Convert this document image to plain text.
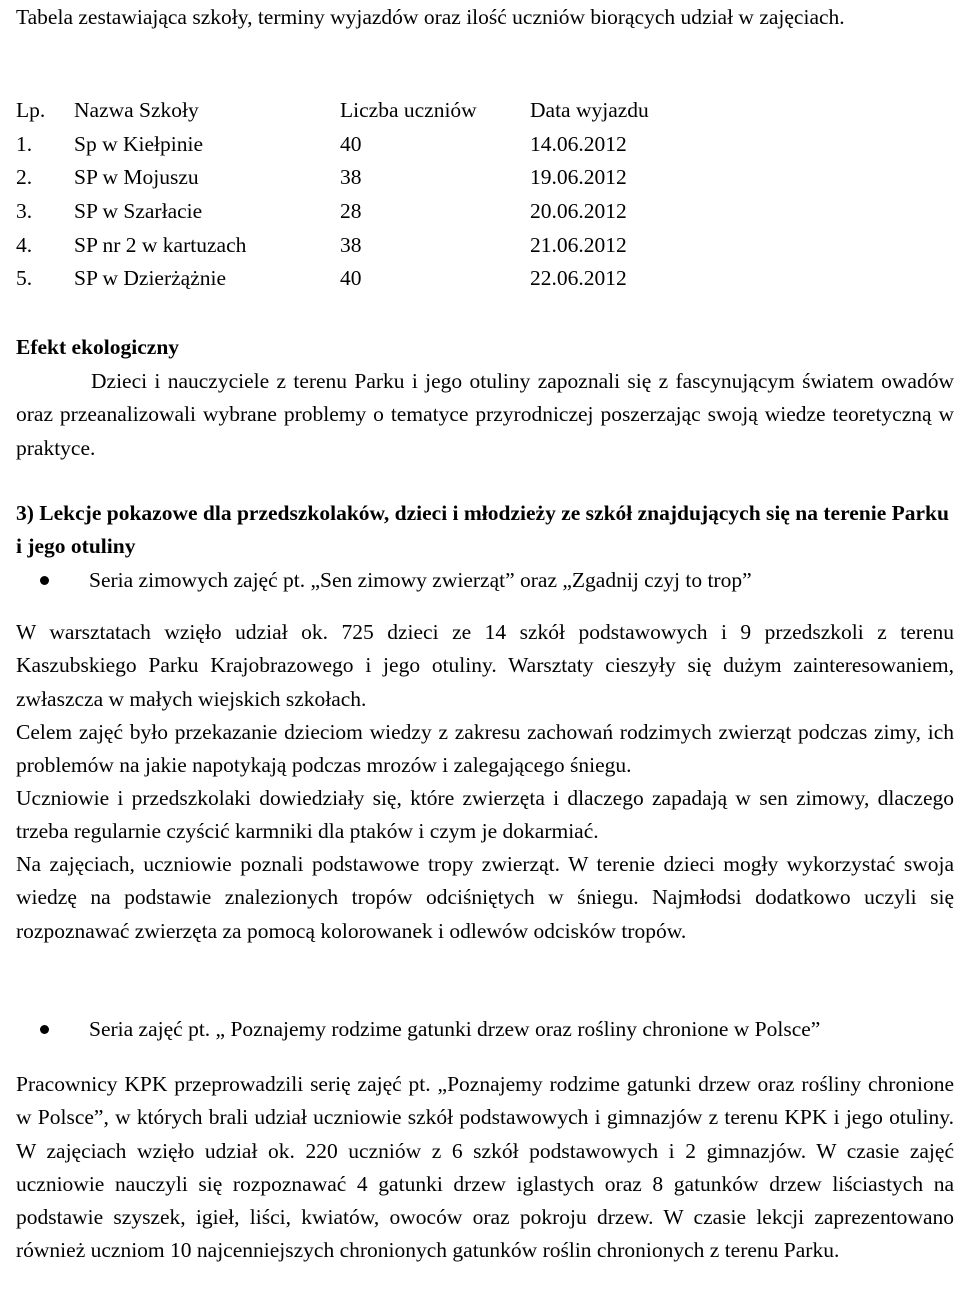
Tabela zestawiająca szkoły, terminy wyjazdów oraz ilość uczniów biorących udział w zajęciach.
Lp.	Nazwa Szkoły	Liczba uczniów	Data wyjazdu
1.	Sp w Kiełpinie	40	14.06.2012
2.	SP w Mojuszu	38	19.06.2012
3.	SP w Szarłacie	28	20.06.2012
4.	SP nr 2 w kartuzach	38	21.06.2012
5.	SP w Dzierżążnie	40	22.06.2012
Efekt ekologiczny
Dzieci i nauczyciele z terenu Parku i jego otuliny zapoznali się z fascynującym światem owadów oraz przeanalizowali wybrane problemy o tematyce przyrodniczej poszerzając swoją wiedze teoretyczną w praktyce.
3) Lekcje pokazowe dla przedszkolaków, dzieci i młodzieży ze szkół znajdujących się na terenie Parku i jego otuliny
Seria zimowych zajęć pt. „Sen zimowy zwierząt” oraz „Zgadnij czyj to trop”
W warsztatach wzięło udział ok. 725 dzieci ze 14 szkół podstawowych i 9 przedszkoli z terenu Kaszubskiego Parku Krajobrazowego i jego otuliny. Warsztaty cieszyły się dużym zainteresowaniem, zwłaszcza w małych wiejskich szkołach.
Celem zajęć było przekazanie dzieciom wiedzy z zakresu zachowań rodzimych zwierząt podczas zimy, ich problemów na jakie napotykają podczas mrozów i zalegającego śniegu.
Uczniowie i przedszkolaki dowiedziały się, które zwierzęta i dlaczego zapadają w sen zimowy, dlaczego trzeba regularnie czyścić karmniki dla ptaków i czym je dokarmiać.
Na zajęciach, uczniowie poznali podstawowe tropy zwierząt. W terenie dzieci mogły wykorzystać swoja wiedzę na podstawie znalezionych tropów odciśniętych w śniegu. Najmłodsi dodatkowo uczyli się rozpoznawać zwierzęta za pomocą kolorowanek i odlewów odcisków tropów.
Seria zajęć pt. „ Poznajemy rodzime gatunki drzew oraz rośliny chronione w Polsce”
Pracownicy KPK przeprowadzili serię zajęć pt. „Poznajemy rodzime gatunki drzew oraz rośliny chronione w Polsce”, w których brali udział uczniowie szkół podstawowych i gimnazjów z terenu KPK i jego otuliny. W zajęciach wzięło udział ok. 220 uczniów z 6 szkół podstawowych i 2 gimnazjów. W czasie zajęć uczniowie nauczyli się rozpoznawać 4 gatunki drzew iglastych oraz 8 gatunków drzew liściastych na podstawie szyszek, igieł, liści, kwiatów, owoców oraz pokroju drzew. W czasie lekcji zaprezentowano również uczniom 10 najcenniejszych chronionych gatunków roślin chronionych z terenu Parku.
